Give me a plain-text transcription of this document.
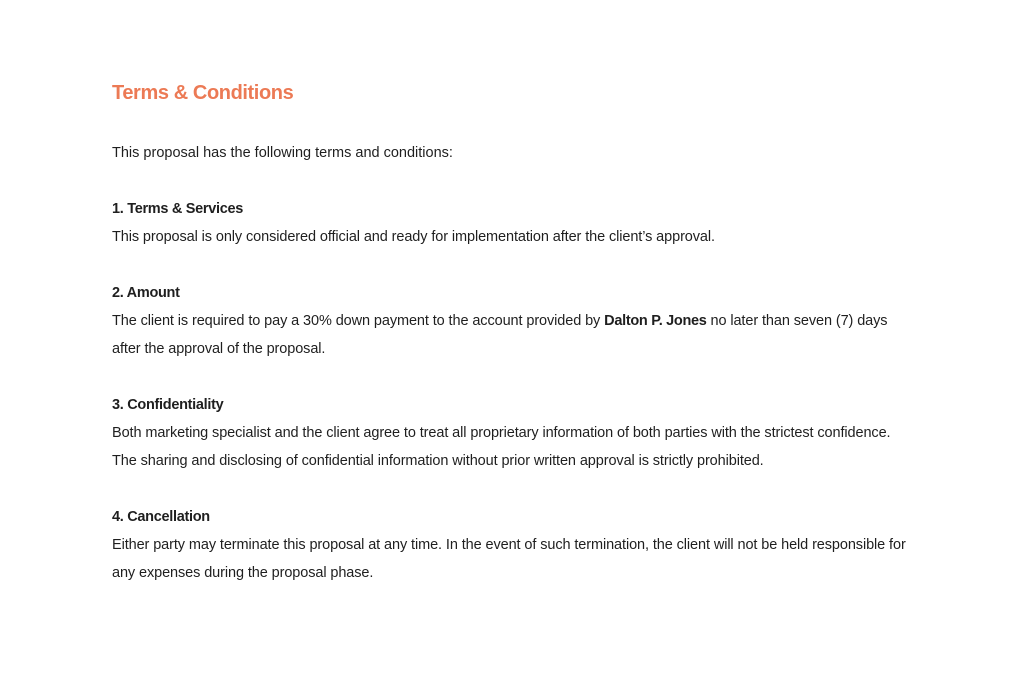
Terms & Conditions

This proposal has the following terms and conditions:

1. Terms & Services

This proposal is only considered official and ready for implementation after the client’s approval.

2. Amount

The client is required to pay a 30% down payment to the account provided by Dalton P. Jones no later than seven (7) days after the approval of the proposal.

3. Confidentiality

Both marketing specialist and the client agree to treat all proprietary information of both parties with the strictest confidence. The sharing and disclosing of confidential information without prior written approval is strictly prohibited.

4. Cancellation

Either party may terminate this proposal at any time. In the event of such termination, the client will not be held responsible for any expenses during the proposal phase.
